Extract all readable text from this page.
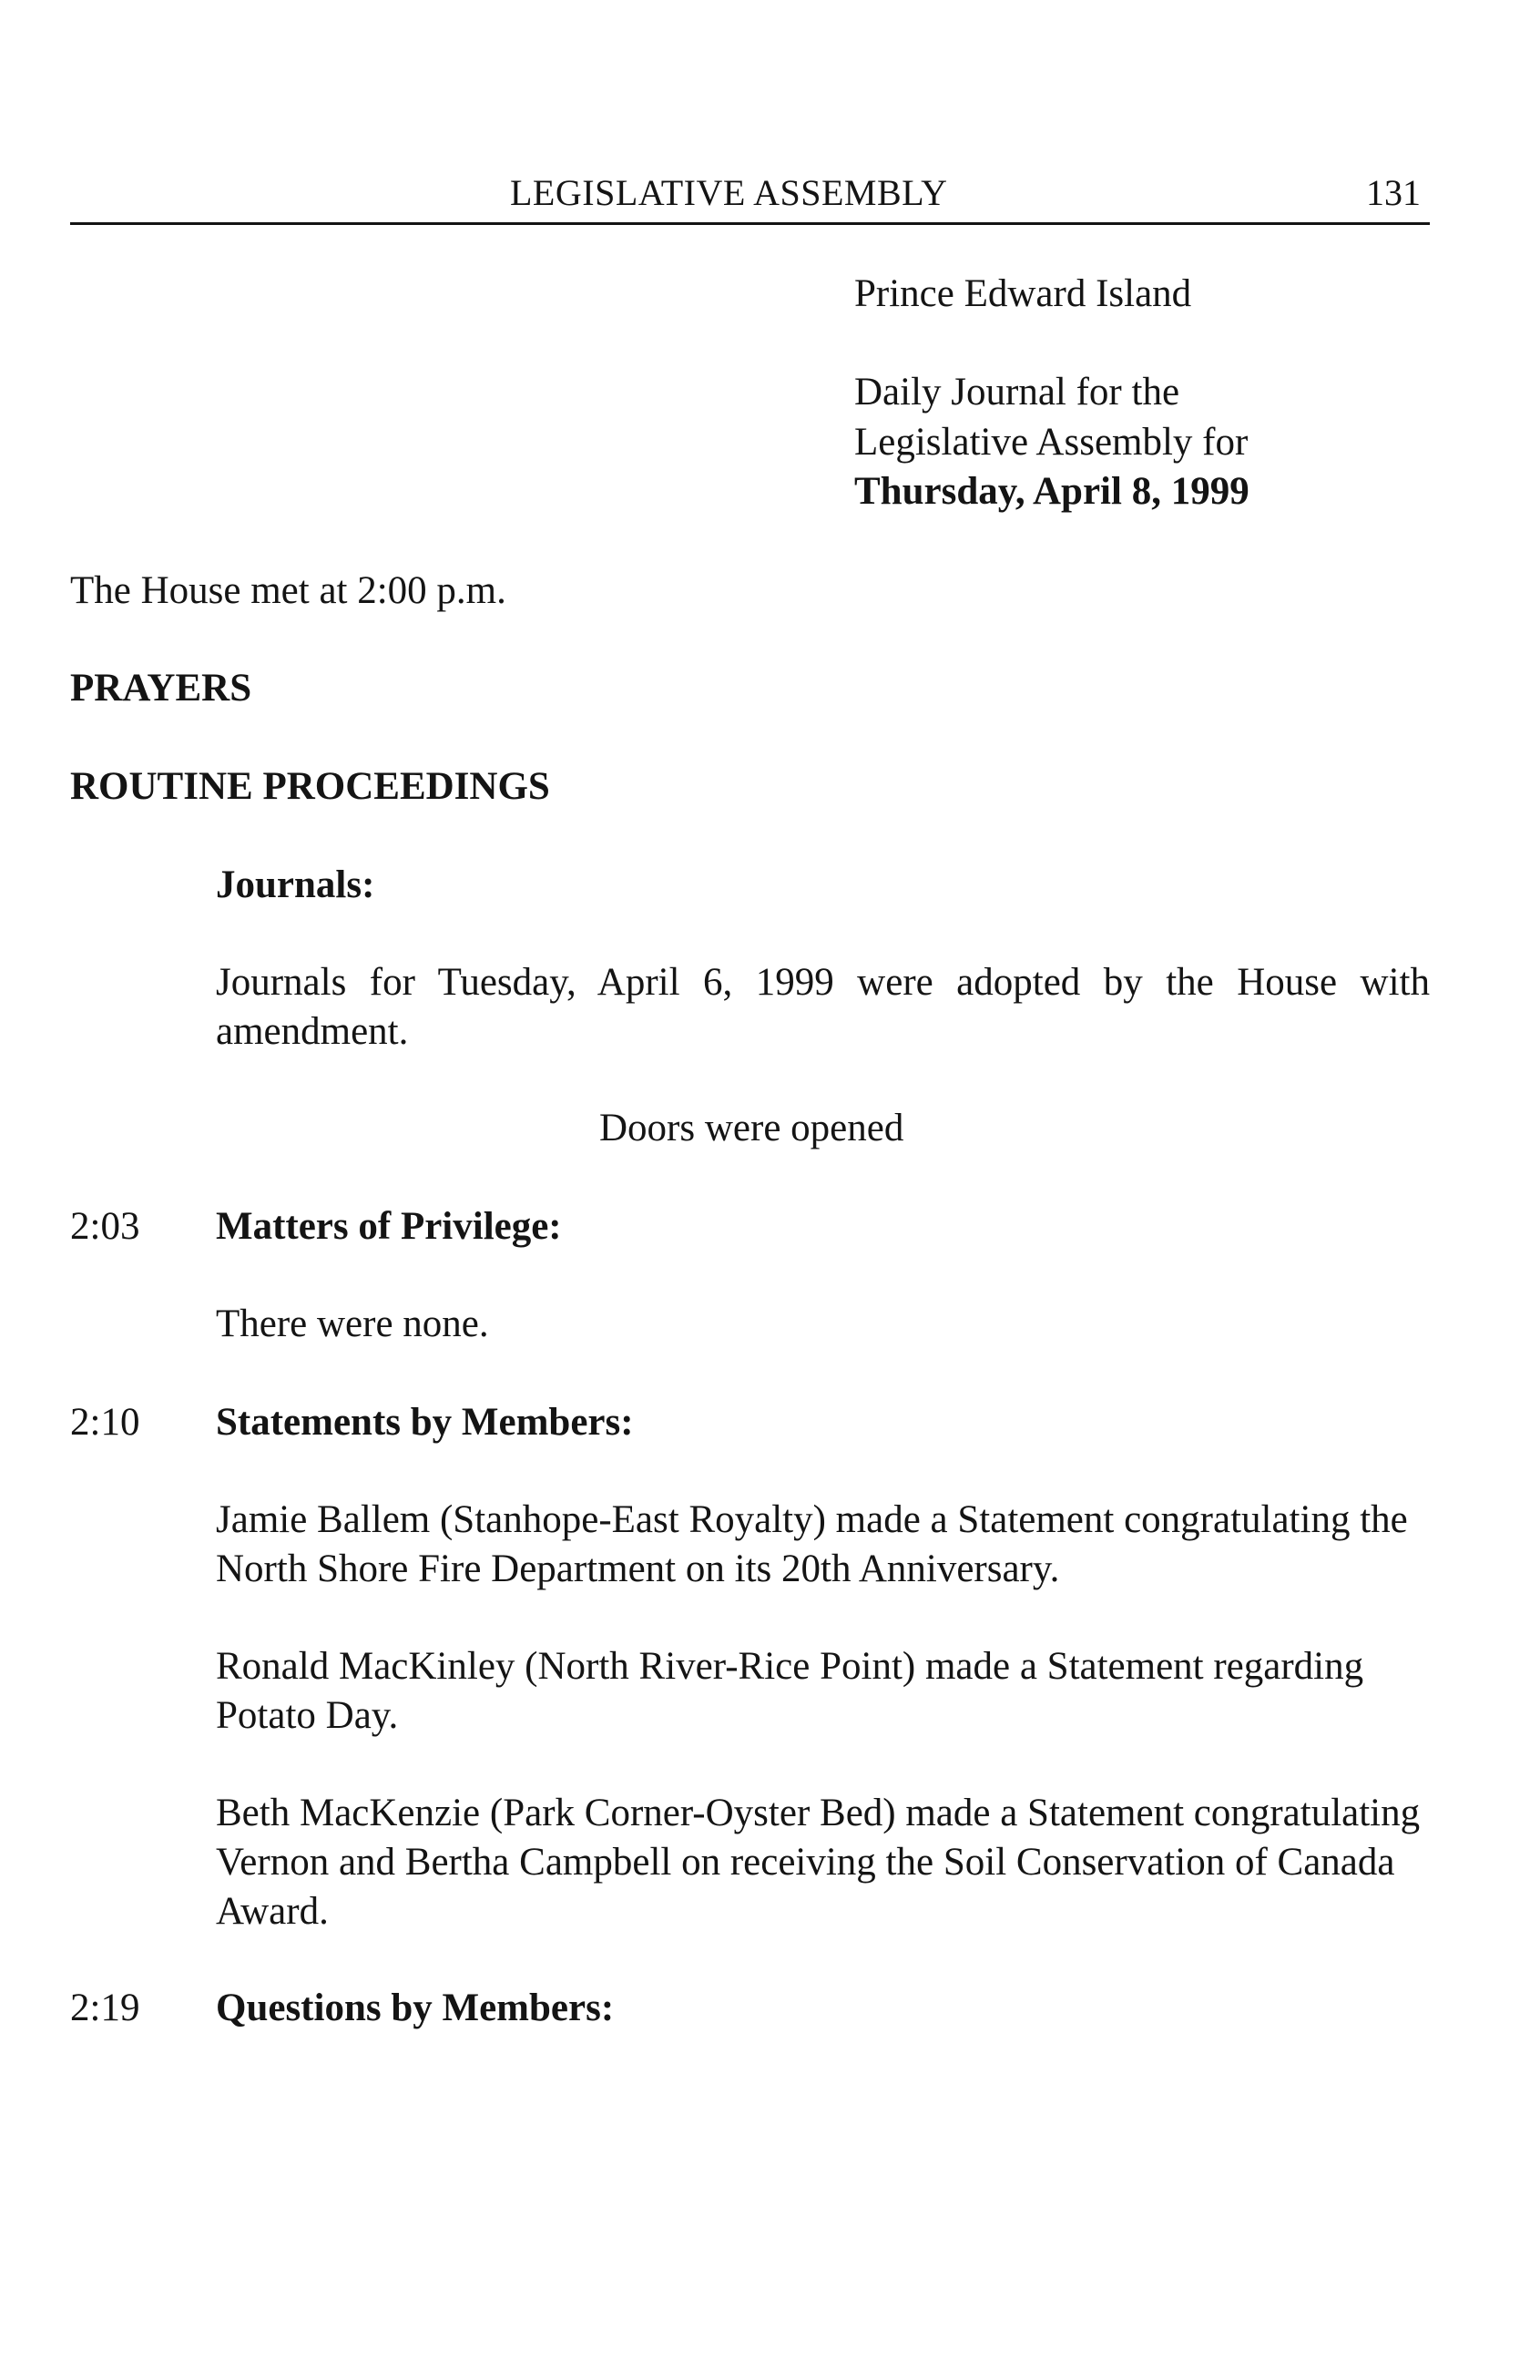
LEGISLATIVE ASSEMBLY	131
Prince Edward Island
Daily Journal for the
Legislative Assembly for
Thursday, April 8, 1999
The House met at 2:00 p.m.
PRAYERS
ROUTINE PROCEEDINGS
Journals:
Journals for Tuesday, April 6, 1999 were adopted by the House with amendment.
Doors were opened
2:03 Matters of Privilege:
There were none.
2:10 Statements by Members:
Jamie Ballem (Stanhope-East Royalty) made a Statement congratulating the
North Shore Fire Department on its 20th Anniversary.
Ronald MacKinley (North River-Rice Point) made a Statement regarding
Potato Day.
Beth MacKenzie (Park Corner-Oyster Bed) made a Statement congratulating
Vernon and Bertha Campbell on receiving the Soil Conservation of Canada
Award.
2:19 Questions by Members:
